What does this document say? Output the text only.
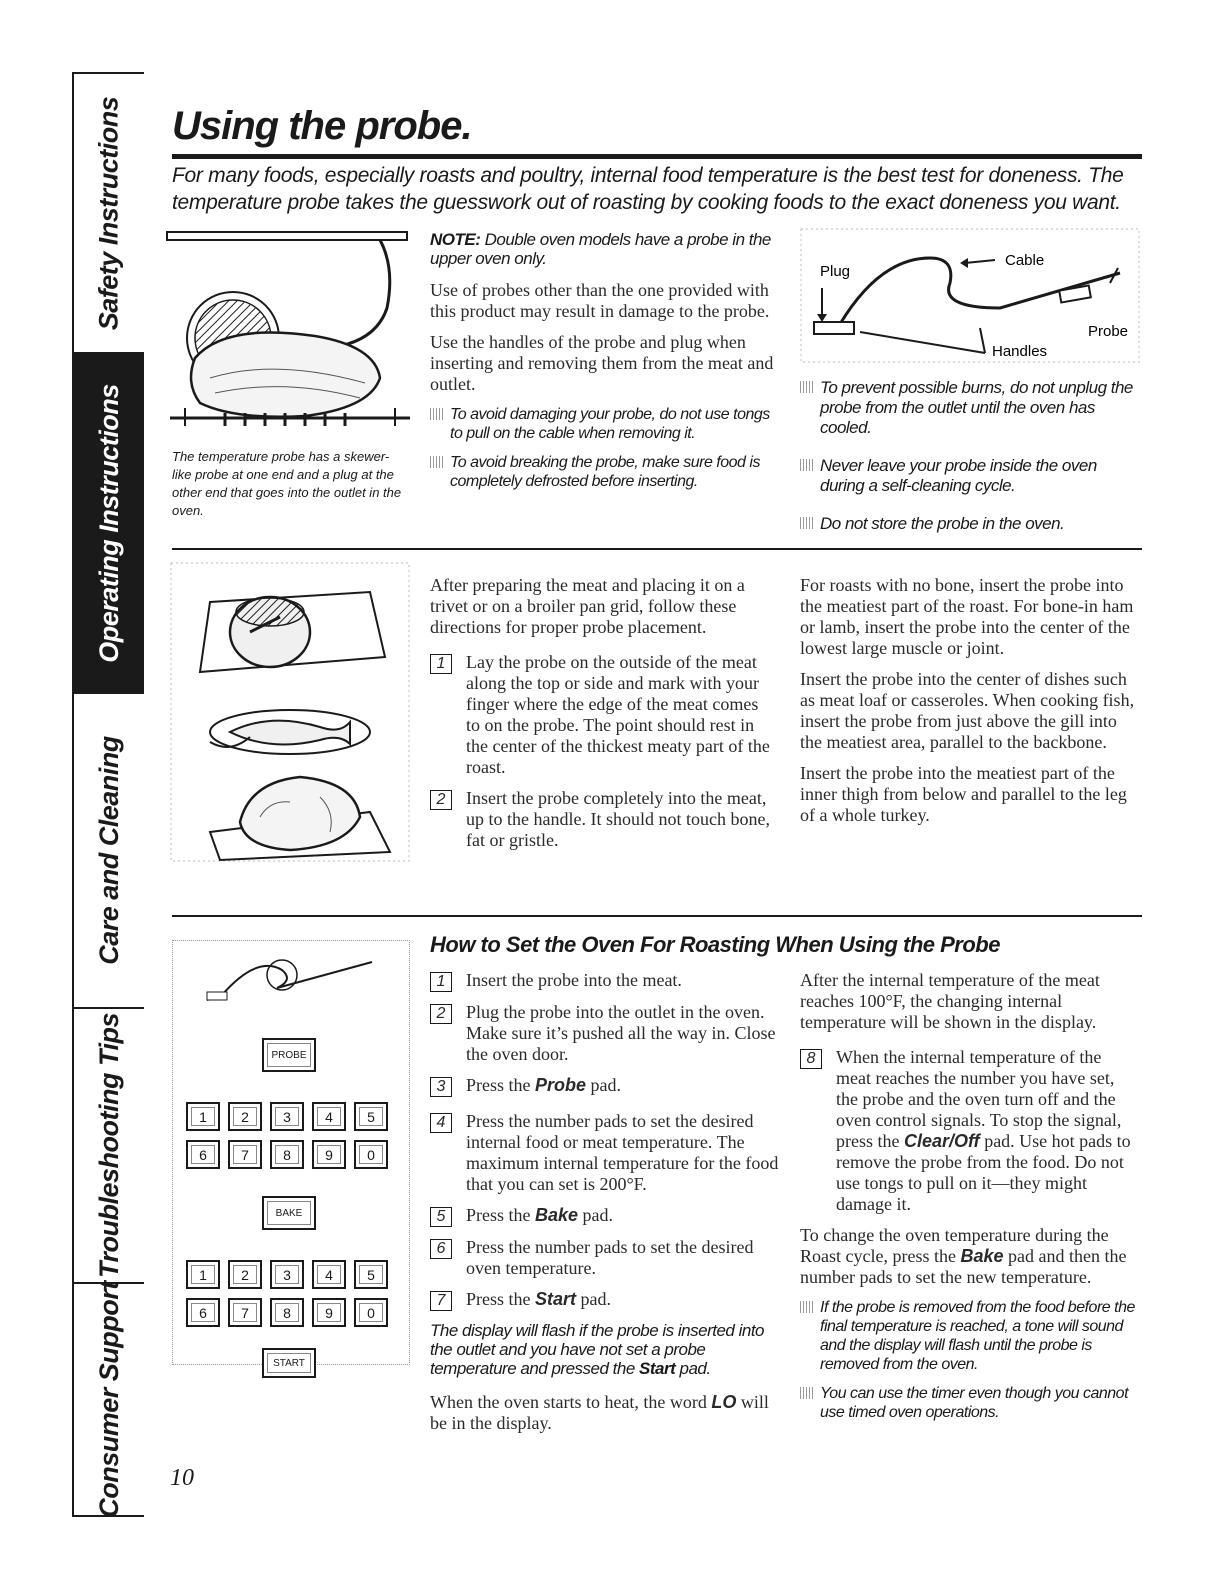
Safety Instructions
Operating Instructions
Care and Cleaning
Troubleshooting Tips
Consumer Support
Using the probe.
For many foods, especially roasts and poultry, internal food temperature is the best test for doneness. The temperature probe takes the guesswork out of roasting by cooking foods to the exact doneness you want.
The temperature probe has a skewer-like probe at one end and a plug at the other end that goes into the outlet in the oven.
NOTE: Double oven models have a probe in the upper oven only.

Use of probes other than the one provided with this product may result in damage to the probe.

Use the handles of the probe and plug when inserting and removing them from the meat and outlet.

To avoid damaging your probe, do not use tongs to pull on the cable when removing it.
To avoid breaking the probe, make sure food is completely defrosted before inserting.
Plug
Cable
Probe
Handles
To prevent possible burns, do not unplug the probe from the outlet until the oven has cooled.
Never leave your probe inside the oven during a self-cleaning cycle.
Do not store the probe in the oven.

After preparing the meat and placing it on a trivet or on a broiler pan grid, follow these directions for proper probe placement.

1	Lay the probe on the outside of the meat along the top or side and mark with your finger where the edge of the meat comes to on the probe. The point should rest in the center of the thickest meaty part of the roast.
2	Insert the probe completely into the meat, up to the handle. It should not touch bone, fat or gristle.

For roasts with no bone, insert the probe into the meatiest part of the roast. For bone-in ham or lamb, insert the probe into the center of the lowest large muscle or joint.

Insert the probe into the center of dishes such as meat loaf or casseroles. When cooking fish, insert the probe from just above the gill into the meatiest area, parallel to the backbone.

Insert the probe into the meatiest part of the inner thigh from below and parallel to the leg of a whole turkey.

How to Set the Oven For Roasting When Using the Probe
PROBE
1 2 3 4 5
6 7 8 9 0
BAKE
1 2 3 4 5
6 7 8 9 0
START
1	Insert the probe into the meat.
2	Plug the probe into the outlet in the oven. Make sure it’s pushed all the way in. Close the oven door.
3	Press the Probe pad.
4	Press the number pads to set the desired internal food or meat temperature. The maximum internal temperature for the food that you can set is 200°F.
5	Press the Bake pad.
6	Press the number pads to set the desired oven temperature.
7	Press the Start pad.
The display will flash if the probe is inserted into the outlet and you have not set a probe temperature and pressed the Start pad.

When the oven starts to heat, the word LO will be in the display.

After the internal temperature of the meat reaches 100°F, the changing internal temperature will be shown in the display.

8	When the internal temperature of the meat reaches the number you have set, the probe and the oven turn off and the oven control signals. To stop the signal, press the Clear/Off pad. Use hot pads to remove the probe from the food. Do not use tongs to pull on it—they might damage it.

To change the oven temperature during the Roast cycle, press the Bake pad and then the number pads to set the new temperature.

If the probe is removed from the food before the final temperature is reached, a tone will sound and the display will flash until the probe is removed from the oven.
You can use the timer even though you cannot use timed oven operations.
10
